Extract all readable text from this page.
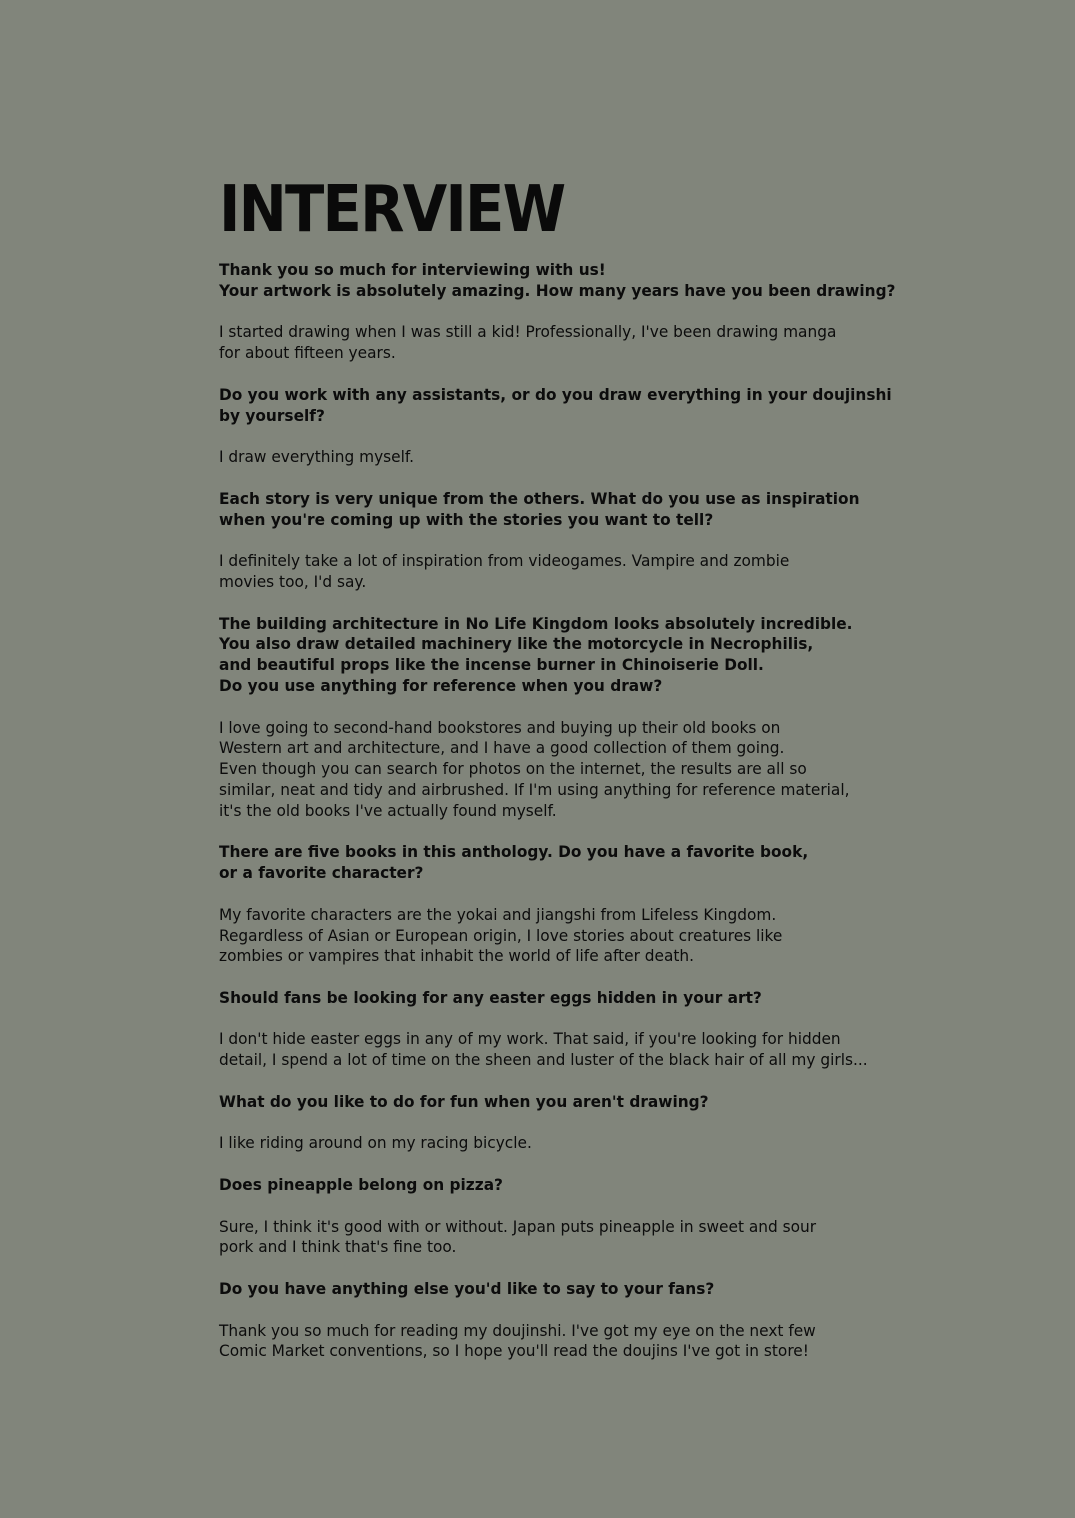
INTERVIEW
Thank you so much for interviewing with us!
Your artwork is absolutely amazing. How many years have you been drawing?
I started drawing when I was still a kid! Professionally, I've been drawing manga
for about fifteen years.
Do you work with any assistants, or do you draw everything in your doujinshi
by yourself?
I draw everything myself.
Each story is very unique from the others. What do you use as inspiration
when you're coming up with the stories you want to tell?
I definitely take a lot of inspiration from videogames. Vampire and zombie
movies too, I'd say.
The building architecture in No Life Kingdom looks absolutely incredible.
You also draw detailed machinery like the motorcycle in Necrophilis,
and beautiful props like the incense burner in Chinoiserie Doll.
Do you use anything for reference when you draw?
I love going to second-hand bookstores and buying up their old books on
Western art and architecture, and I have a good collection of them going.
Even though you can search for photos on the internet, the results are all so
similar, neat and tidy and airbrushed. If I'm using anything for reference material,
it's the old books I've actually found myself.
There are five books in this anthology. Do you have a favorite book,
or a favorite character?
My favorite characters are the yokai and jiangshi from Lifeless Kingdom.
Regardless of Asian or European origin, I love stories about creatures like
zombies or vampires that inhabit the world of life after death.
Should fans be looking for any easter eggs hidden in your art?
I don't hide easter eggs in any of my work. That said, if you're looking for hidden
detail, I spend a lot of time on the sheen and luster of the black hair of all my girls...
What do you like to do for fun when you aren't drawing?
I like riding around on my racing bicycle.
Does pineapple belong on pizza?
Sure, I think it's good with or without. Japan puts pineapple in sweet and sour
pork and I think that's fine too.
Do you have anything else you'd like to say to your fans?
Thank you so much for reading my doujinshi. I've got my eye on the next few
Comic Market conventions, so I hope you'll read the doujins I've got in store!
